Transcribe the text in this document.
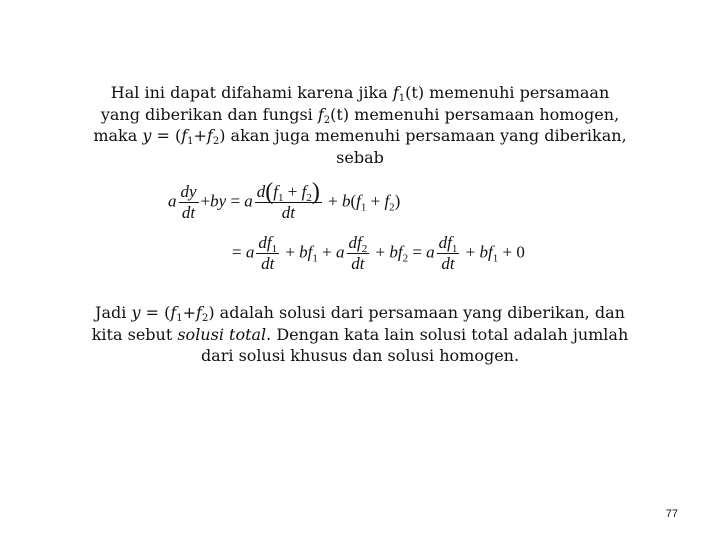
Hal ini dapat difahami karena jika $f_1(t)$ memenuhi persamaan
yang diberikan dan fungsi $f_2(t)$ memenuhi persamaan homogen,
maka $y = (f_1+f_2)$ akan juga memenuhi persamaan yang diberikan,
sebab
a $\frac{dy}{dt} +by = a \frac{d(f_1 + f_2)}{dt} + b(f_1 + f_2)$
= a $\frac{df_1}{dt} + bf_1 + a \frac{df_2}{dt} + bf_2 = a \frac{df_1}{dt} + bf_1 + 0$
Jadi $y = (f_1+f_2)$ adalah solusi dari persamaan yang diberikan, dan
kita sebut solusi total. Dengan kata lain solusi total adalah jumlah
dari solusi khusus dan solusi homogen.
77
